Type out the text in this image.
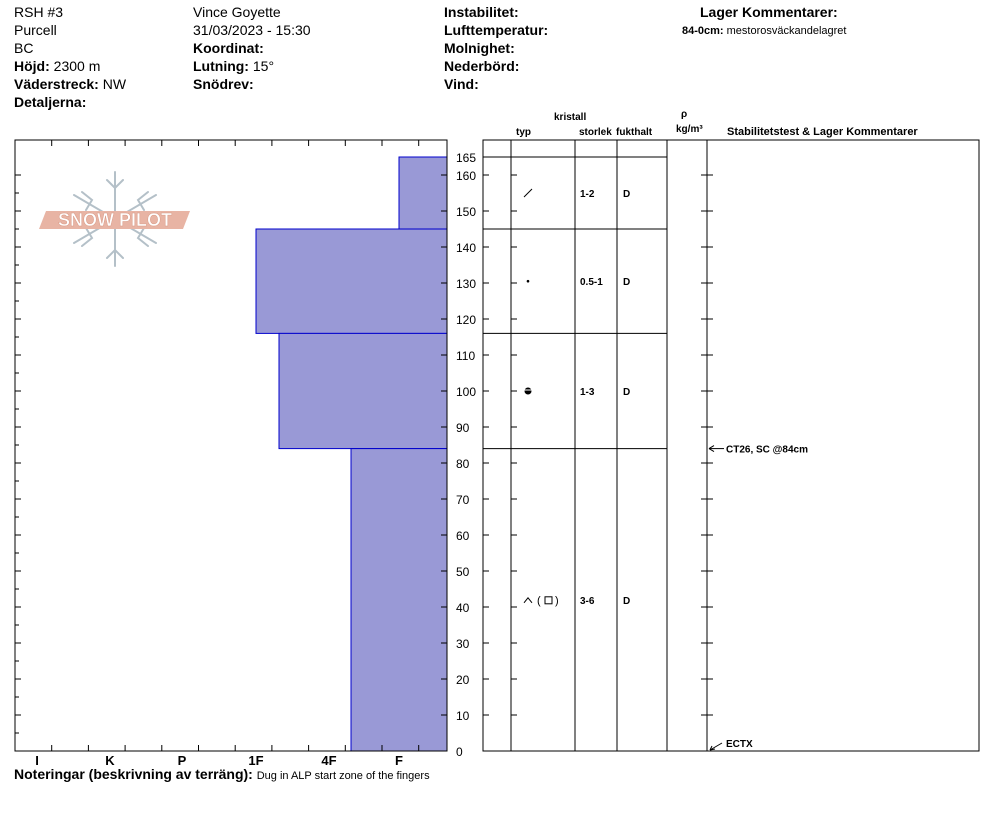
RSH #3
Purcell
BC
Höjd: 2300 m
Väderstreck: NW
Detaljerna:
Vince Goyette
31/03/2023 - 15:30
Koordinat:
Lutning: 15°
Snödrev:
Instabilitet:
Lufttemperatur:
Molnighet:
Nederbörd:
Vind:
Lager Kommentarer:
84-0cm: mestorosväckandelagret
kristall
typ	storlek fukthalt
ρ
kg/m³ Stabilitetstest & Lager Kommentarer
SNOW PILOT
I	K	P	1F	4F	F
0
10
20
30
40
50
60
70
80
90
100
110
120
130
140
150
160
165
1-2	D
0.5-1 D
1-3	D
( ) 3-6	D
CT26, SC @84cm
ECTX
Noteringar (beskrivning av terräng): Dug in ALP start zone of the fingers
